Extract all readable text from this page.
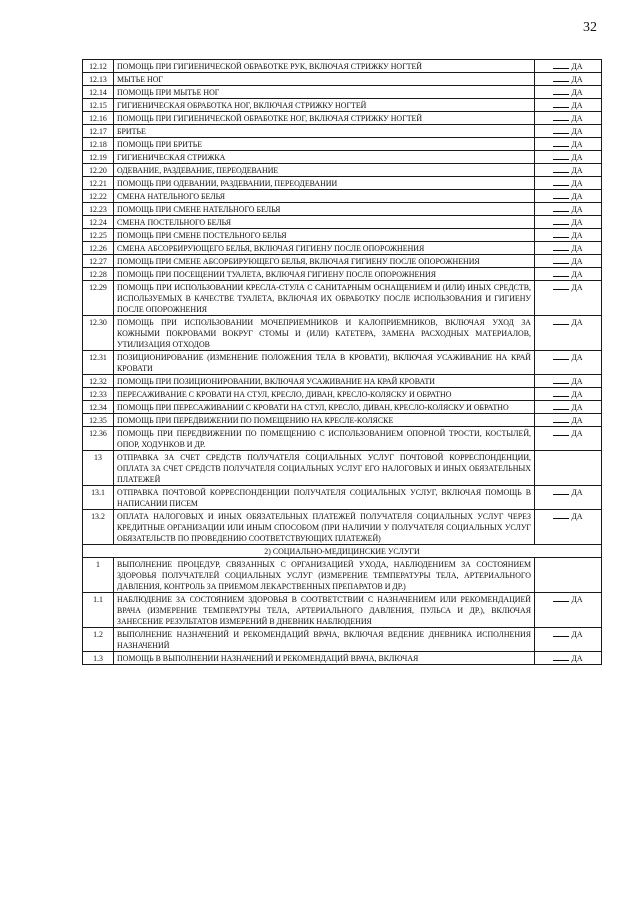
32
12.12	ПОМОЩЬ ПРИ ГИГИЕНИЧЕСКОЙ ОБРАБОТКЕ РУК, ВКЛЮЧАЯ СТРИЖКУ НОГТЕЙ	ДА
12.13	МЫТЬЕ НОГ	ДА
12.14	ПОМОЩЬ ПРИ МЫТЬЕ НОГ	ДА
12.15	ГИГИЕНИЧЕСКАЯ ОБРАБОТКА НОГ, ВКЛЮЧАЯ СТРИЖКУ НОГТЕЙ	ДА
12.16	ПОМОЩЬ ПРИ ГИГИЕНИЧЕСКОЙ ОБРАБОТКЕ НОГ, ВКЛЮЧАЯ СТРИЖКУ НОГТЕЙ	ДА
12.17	БРИТЬЕ	ДА
12.18	ПОМОЩЬ ПРИ БРИТЬЕ	ДА
12.19	ГИГИЕНИЧЕСКАЯ СТРИЖКА	ДА
12.20	ОДЕВАНИЕ, РАЗДЕВАНИЕ, ПЕРЕОДЕВАНИЕ	ДА
12.21	ПОМОЩЬ ПРИ ОДЕВАНИИ, РАЗДЕВАНИИ, ПЕРЕОДЕВАНИИ	ДА
12.22	СМЕНА НАТЕЛЬНОГО БЕЛЬЯ	ДА
12.23	ПОМОЩЬ ПРИ СМЕНЕ НАТЕЛЬНОГО БЕЛЬЯ	ДА
12.24	СМЕНА ПОСТЕЛЬНОГО БЕЛЬЯ	ДА
12.25	ПОМОЩЬ ПРИ СМЕНЕ ПОСТЕЛЬНОГО БЕЛЬЯ	ДА
12.26	СМЕНА АБСОРБИРУЮЩЕГО БЕЛЬЯ, ВКЛЮЧАЯ ГИГИЕНУ ПОСЛЕ ОПОРОЖНЕНИЯ	ДА
12.27	ПОМОЩЬ ПРИ СМЕНЕ АБСОРБИРУЮЩЕГО БЕЛЬЯ, ВКЛЮЧАЯ ГИГИЕНУ ПОСЛЕ ОПОРОЖНЕНИЯ	ДА
12.28	ПОМОЩЬ ПРИ ПОСЕЩЕНИИ ТУАЛЕТА, ВКЛЮЧАЯ ГИГИЕНУ ПОСЛЕ ОПОРОЖНЕНИЯ	ДА
12.29	ПОМОЩЬ ПРИ ИСПОЛЬЗОВАНИИ КРЕСЛА-СТУЛА С САНИТАРНЫМ ОСНАЩЕНИЕМ И (ИЛИ) ИНЫХ СРЕДСТВ, ИСПОЛЬЗУЕМЫХ В КАЧЕСТВЕ ТУАЛЕТА, ВКЛЮЧАЯ ИХ ОБРАБОТКУ ПОСЛЕ ИСПОЛЬЗОВАНИЯ И ГИГИЕНУ ПОСЛЕ ОПОРОЖНЕНИЯ	ДА
12.30	ПОМОЩЬ ПРИ ИСПОЛЬЗОВАНИИ МОЧЕПРИЕМНИКОВ И КАЛОПРИЕМНИКОВ, ВКЛЮЧАЯ УХОД ЗА КОЖНЫМИ ПОКРОВАМИ ВОКРУГ СТОМЫ И (ИЛИ) КАТЕТЕРА, ЗАМЕНА РАСХОДНЫХ МАТЕРИАЛОВ, УТИЛИЗАЦИЯ ОТХОДОВ	ДА
12.31	ПОЗИЦИОНИРОВАНИЕ (ИЗМЕНЕНИЕ ПОЛОЖЕНИЯ ТЕЛА В КРОВАТИ), ВКЛЮЧАЯ УСАЖИВАНИЕ НА КРАЙ КРОВАТИ	ДА
12.32	ПОМОЩЬ ПРИ ПОЗИЦИОНИРОВАНИИ, ВКЛЮЧАЯ УСАЖИВАНИЕ НА КРАЙ КРОВАТИ	ДА
12.33	ПЕРЕСАЖИВАНИЕ С КРОВАТИ НА СТУЛ, КРЕСЛО, ДИВАН, КРЕСЛО-КОЛЯСКУ И ОБРАТНО	ДА
12.34	ПОМОЩЬ ПРИ ПЕРЕСАЖИВАНИИ С КРОВАТИ НА СТУЛ, КРЕСЛО, ДИВАН, КРЕСЛО-КОЛЯСКУ И ОБРАТНО	ДА
12.35	ПОМОЩЬ ПРИ ПЕРЕДВИЖЕНИИ ПО ПОМЕЩЕНИЮ НА КРЕСЛЕ-КОЛЯСКЕ	ДА
12.36	ПОМОЩЬ ПРИ ПЕРЕДВИЖЕНИИ ПО ПОМЕЩЕНИЮ С ИСПОЛЬЗОВАНИЕМ ОПОРНОЙ ТРОСТИ, КОСТЫЛЕЙ, ОПОР, ХОДУНКОВ И ДР.	ДА
13	ОТПРАВКА ЗА СЧЕТ СРЕДСТВ ПОЛУЧАТЕЛЯ СОЦИАЛЬНЫХ УСЛУГ ПОЧТОВОЙ КОРРЕСПОНДЕНЦИИ, ОПЛАТА ЗА СЧЕТ СРЕДСТВ ПОЛУЧАТЕЛЯ СОЦИАЛЬНЫХ УСЛУГ ЕГО НАЛОГОВЫХ И ИНЫХ ОБЯЗАТЕЛЬНЫХ ПЛАТЕЖЕЙ	
13.1	ОТПРАВКА ПОЧТОВОЙ КОРРЕСПОНДЕНЦИИ ПОЛУЧАТЕЛЯ СОЦИАЛЬНЫХ УСЛУГ, ВКЛЮЧАЯ ПОМОЩЬ В НАПИСАНИИ ПИСЕМ	ДА
13.2	ОПЛАТА НАЛОГОВЫХ И ИНЫХ ОБЯЗАТЕЛЬНЫХ ПЛАТЕЖЕЙ ПОЛУЧАТЕЛЯ СОЦИАЛЬНЫХ УСЛУГ ЧЕРЕЗ КРЕДИТНЫЕ ОРГАНИЗАЦИИ ИЛИ ИНЫМ СПОСОБОМ (ПРИ НАЛИЧИИ У ПОЛУЧАТЕЛЯ СОЦИАЛЬНЫХ УСЛУГ ОБЯЗАТЕЛЬСТВ ПО ПРОВЕДЕНИЮ СООТВЕТСТВУЮЩИХ ПЛАТЕЖЕЙ)	ДА
2) СОЦИАЛЬНО-МЕДИЦИНСКИЕ УСЛУГИ		
1	ВЫПОЛНЕНИЕ ПРОЦЕДУР, СВЯЗАННЫХ С ОРГАНИЗАЦИЕЙ УХОДА, НАБЛЮДЕНИЕМ ЗА СОСТОЯНИЕМ ЗДОРОВЬЯ ПОЛУЧАТЕЛЕЙ СОЦИАЛЬНЫХ УСЛУГ (ИЗМЕРЕНИЕ ТЕМПЕРАТУРЫ ТЕЛА, АРТЕРИАЛЬНОГО ДАВЛЕНИЯ, КОНТРОЛЬ ЗА ПРИЕМОМ ЛЕКАРСТВЕННЫХ ПРЕПАРАТОВ И ДР.)	
1.1	НАБЛЮДЕНИЕ ЗА СОСТОЯНИЕМ ЗДОРОВЬЯ В СООТВЕТСТВИИ С НАЗНАЧЕНИЕМ ИЛИ РЕКОМЕНДАЦИЕЙ ВРАЧА (ИЗМЕРЕНИЕ ТЕМПЕРАТУРЫ ТЕЛА, АРТЕРИАЛЬНОГО ДАВЛЕНИЯ, ПУЛЬСА И ДР.), ВКЛЮЧАЯ ЗАНЕСЕНИЕ РЕЗУЛЬТАТОВ ИЗМЕРЕНИЙ В ДНЕВНИК НАБЛЮДЕНИЯ	ДА
1.2	ВЫПОЛНЕНИЕ НАЗНАЧЕНИЙ И РЕКОМЕНДАЦИЙ ВРАЧА, ВКЛЮЧАЯ ВЕДЕНИЕ ДНЕВНИКА ИСПОЛНЕНИЯ НАЗНАЧЕНИЙ	ДА
1.3	ПОМОЩЬ В ВЫПОЛНЕНИИ НАЗНАЧЕНИЙ И РЕКОМЕНДАЦИЙ ВРАЧА, ВКЛЮЧАЯ	ДА
